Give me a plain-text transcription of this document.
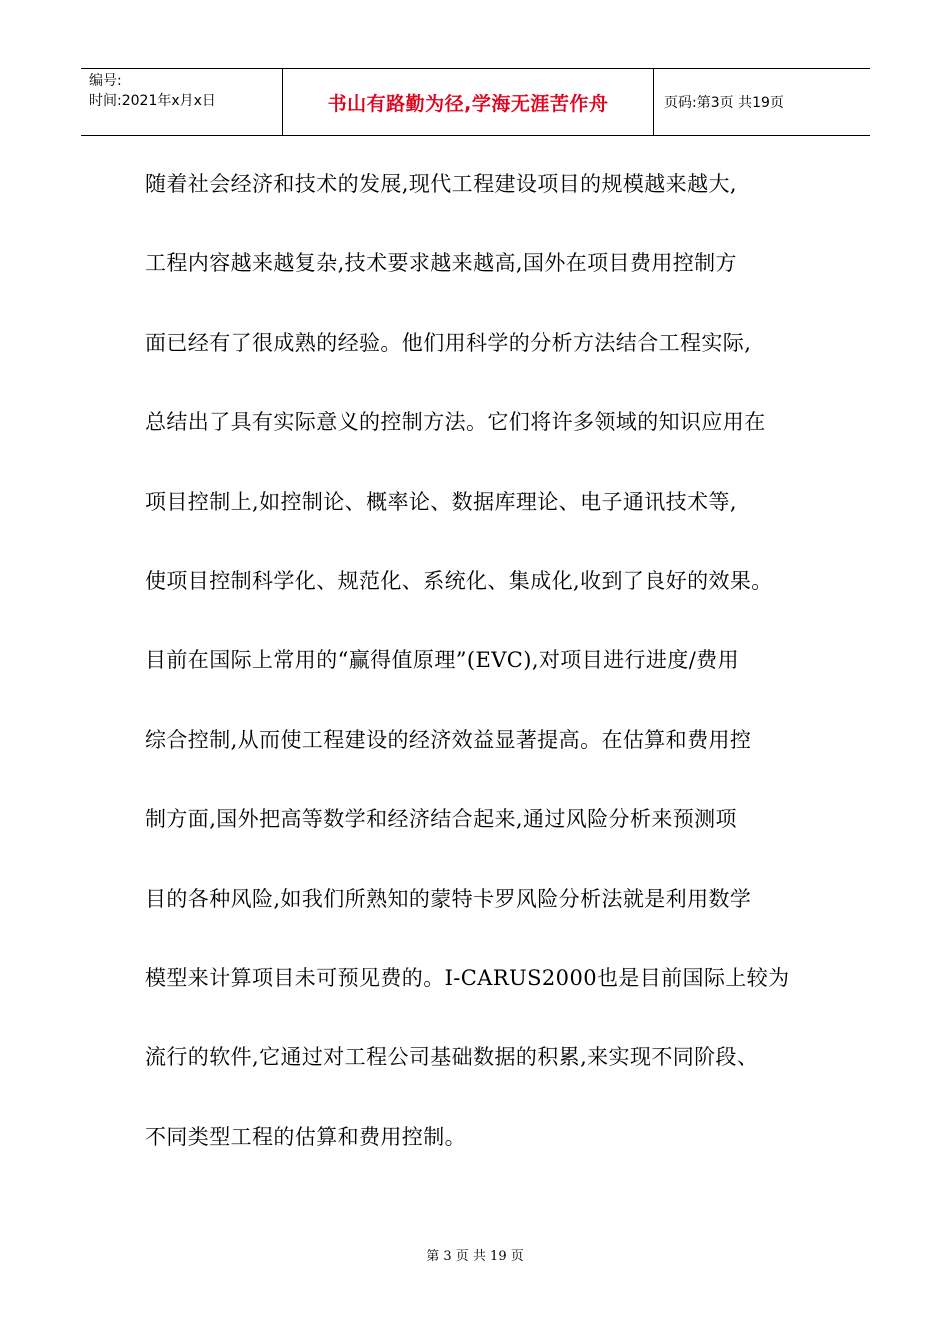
编号:
时间:2021年x月x日	书山有路勤为径,学海无涯苦作舟	页码:第3页 共19页
随着社会经济和技术的发展,现代工程建设项目的规模越来越大,
工程内容越来越复杂,技术要求越来越高,国外在项目费用控制方
面已经有了很成熟的经验。他们用科学的分析方法结合工程实际,
总结出了具有实际意义的控制方法。它们将许多领域的知识应用在
项目控制上,如控制论、概率论、数据库理论、电子通讯技术等,
使项目控制科学化、规范化、系统化、集成化,收到了良好的效果。
目前在国际上常用的“赢得值原理”(EVC),对项目进行进度/费用
综合控制,从而使工程建设的经济效益显著提高。在估算和费用控
制方面,国外把高等数学和经济结合起来,通过风险分析来预测项
目的各种风险,如我们所熟知的蒙特卡罗风险分析法就是利用数学
模型来计算项目未可预见费的。I-CARUS2000也是目前国际上较为
流行的软件,它通过对工程公司基础数据的积累,来实现不同阶段、
不同类型工程的估算和费用控制。
第 3 页 共 19 页
